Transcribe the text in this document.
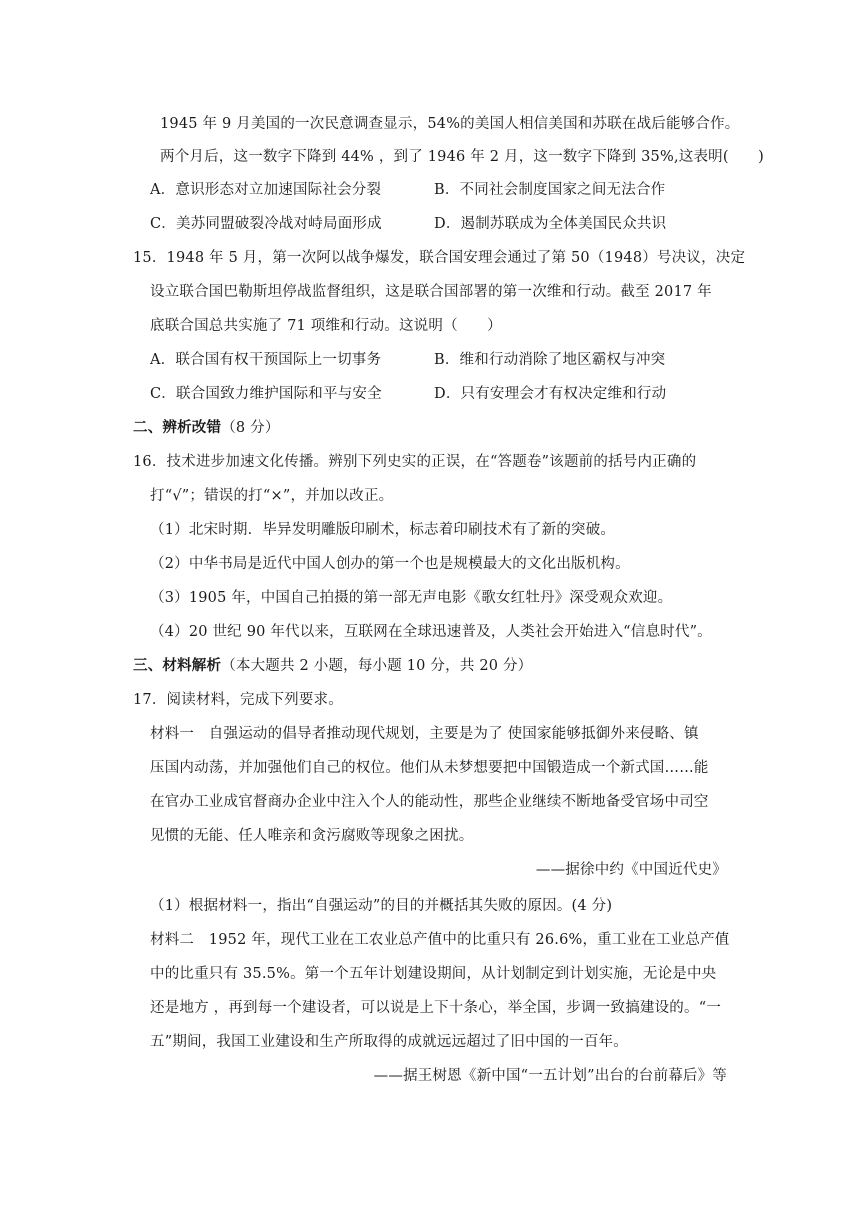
1945 年 9 月美国的一次民意调查显示，54%的美国人相信美国和苏联在战后能够合作。
两个月后，这一数字下降到 44% ，到了 1946 年 2 月，这一数字下降到 35%,这表明(　　)
A．意识形态对立加速国际社会分裂	B．不同社会制度国家之间无法合作
C．美苏同盟破裂冷战对峙局面形成	D．遏制苏联成为全体美国民众共识
15．1948 年 5 月，第一次阿以战争爆发，联合国安理会通过了第 50（1948）号决议，决定
设立联合国巴勒斯坦停战监督组织，这是联合国部署的第一次维和行动。截至 2017 年
底联合国总共实施了 71 项维和行动。这说明（　　）
A．联合国有权干预国际上一切事务	B．维和行动消除了地区霸权与冲突
C．联合国致力维护国际和平与安全	D．只有安理会才有权决定维和行动
二、辨析改错（8 分）
16．技术进步加速文化传播。辨别下列史实的正误，在“答题卷”该题前的括号内正确的
打“√”；错误的打“×”，并加以改正。
（1）北宋时期．毕异发明雕版印刷术，标志着印刷技术有了新的突破。
（2）中华书局是近代中国人创办的第一个也是规模最大的文化出版机构。
（3）1905 年，中国自己拍摄的第一部无声电影《歌女红牡丹》深受观众欢迎。
（4）20 世纪 90 年代以来，互联网在全球迅速普及，人类社会开始进入“信息时代”。
三、材料解析（本大题共 2 小题，每小题 10 分，共 20 分）
17．阅读材料，完成下列要求。
材料一　自强运动的倡导者推动现代规划，主要是为了 使国家能够抵御外来侵略、镇
压国内动荡，并加强他们自己的权位。他们从未梦想要把中国锻造成一个新式国……能
在官办工业成官督商办企业中注入个人的能动性，那些企业继续不断地备受官场中司空
见惯的无能、任人唯亲和贪污腐败等现象之困扰。
——据徐中约《中国近代史》
（1）根据材料一，指出“自强运动”的目的并概括其失败的原因。(4 分)
材料二　1952 年，现代工业在工农业总产值中的比重只有 26.6%，重工业在工业总产值
中的比重只有 35.5%。第一个五年计划建设期间，从计划制定到计划实施，无论是中央
还是地方 ，再到每一个建设者，可以说是上下十条心，举全国，步调一致搞建设的。“一
五”期间，我国工业建设和生产所取得的成就远远超过了旧中国的一百年。
——据王树恩《新中国“一五计划”出台的台前幕后》等
